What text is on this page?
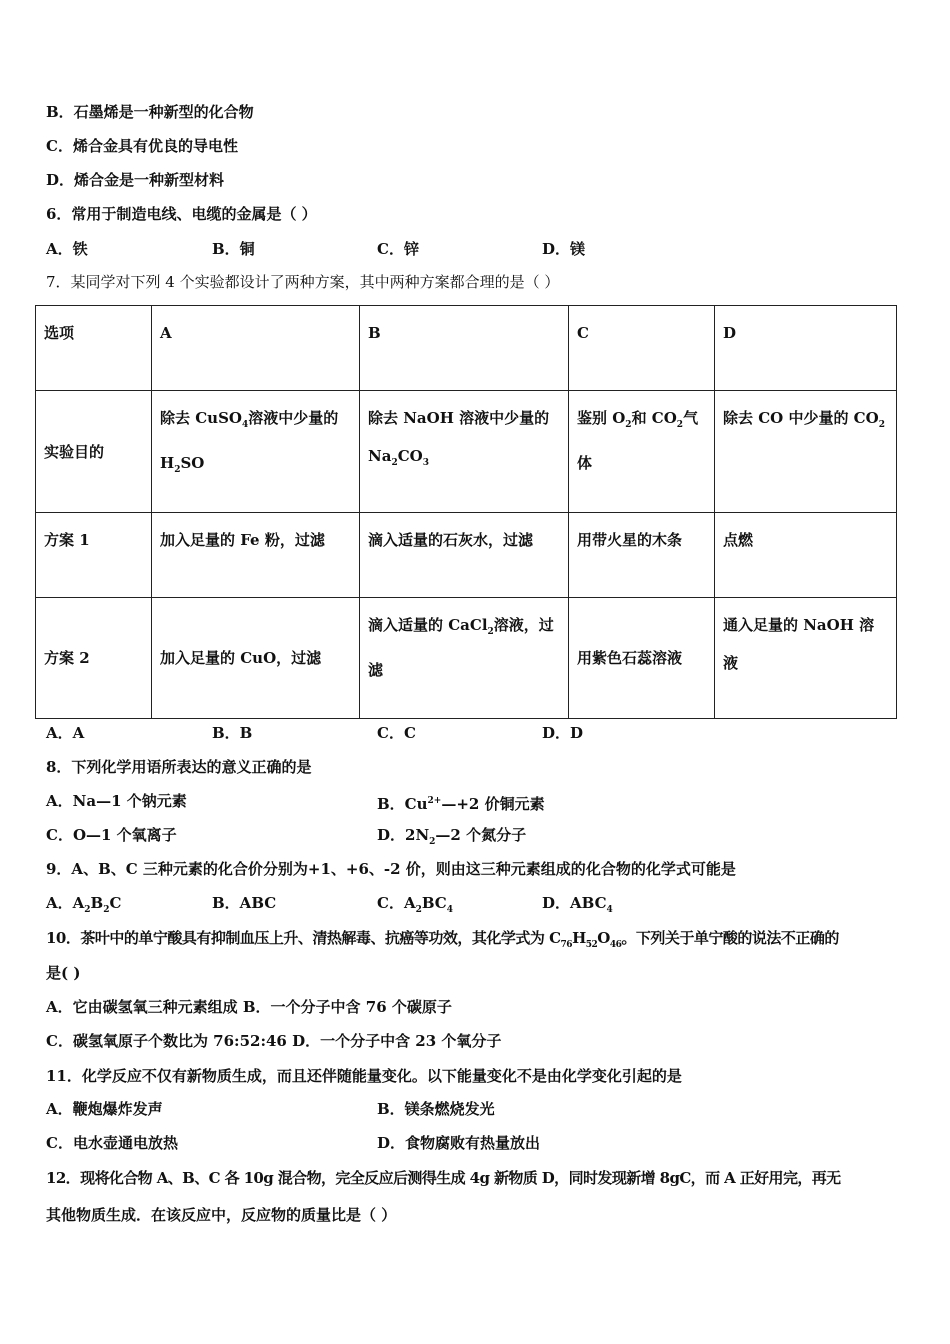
B．石墨烯是一种新型的化合物
C．烯合金具有优良的导电性
D．烯合金是一种新型材料
6．常用于制造电线、电缆的金属是（ ）
A．铁	B．铜	C．锌	D．镁
7．某同学对下列 4 个实验都设计了两种方案，其中两种方案都合理的是（ ）
选项	A	B	C	D
实验目的	除去 CuSO$_4$溶液中少量的 $H_2SO$	除去 NaOH 溶液中少量的 $Na_2CO_3$	鉴别 $O_2$和 $CO_2$气体	除去 CO 中少量的 $CO_2$
方案 1	加入足量的 Fe 粉，过滤	滴入适量的石灰水，过滤	用带火星的木条	点燃
方案 2	加入足量的 CuO，过滤	滴入适量的 CaCl$_2$溶液，过滤	用紫色石蕊溶液	通入足量的 NaOH 溶液
A．A	B．B	C．C	D．D
8．下列化学用语所表达的意义正确的是
A．Na—1 个钠元素	B．$Cu^{2+}—+2$ 价铜元素
C．O—1 个氧离子	D．$2N_2—2$ 个氮分子
9．A、B、C 三种元素的化合价分别为+1、+6、-2 价，则由这三种元素组成的化合物的化学式可能是
A．$A_2B_2C$	B．ABC	C．$A_2BC_4$	D．$ABC_4$
10．茶叶中的单宁酸具有抑制血压上升、清热解毒、抗癌等功效，其化学式为 $C_{76}H_{52}O_{46}$。下列关于单宁酸的说法不正确的
是( )
A．它由碳氢氧三种元素组成 B．一个分子中含 76 个碳原子
C．碳氢氧原子个数比为 76:52:46 D．一个分子中含 23 个氧分子
11．化学反应不仅有新物质生成，而且还伴随能量变化。以下能量变化不是由化学变化引起的是
A．鞭炮爆炸发声	B．镁条燃烧发光
C．电水壶通电放热	D．食物腐败有热量放出
12．现将化合物 A、B、C 各 10g 混合物，完全反应后测得生成 4g 新物质 D，同时发现新增 8gC，而 A 正好用完，再无
其他物质生成．在该反应中，反应物的质量比是（ ）
